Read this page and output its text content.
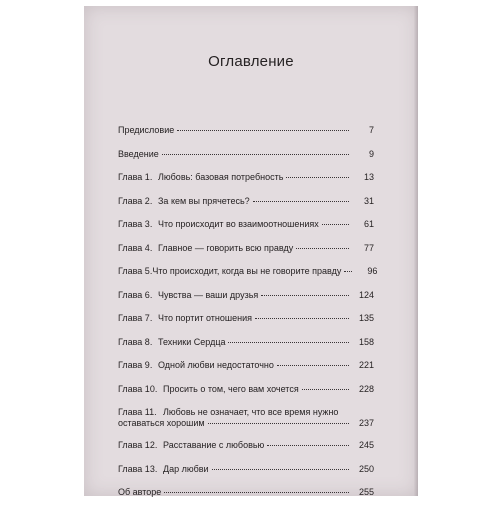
Оглавление
Предисловие	7
Введение	9
Глава 1. Любовь: базовая потребность	13
Глава 2. За кем вы прячетесь?	31
Глава 3. Что происходит во взаимоотношениях	61
Глава 4. Главное — говорить всю правду	77
Глава 5. Что происходит, когда вы не говорите правду	96
Глава 6. Чувства — ваши друзья	124
Глава 7. Что портит отношения	135
Глава 8. Техники Сердца	158
Глава 9. Одной любви недостаточно	221
Глава 10. Просить о том, чего вам хочется	228
Глава 11. Любовь не означает, что все время нужно
оставаться хорошим	237
Глава 12. Расставание с любовью	245
Глава 13. Дар любви	250
Об авторе	255
